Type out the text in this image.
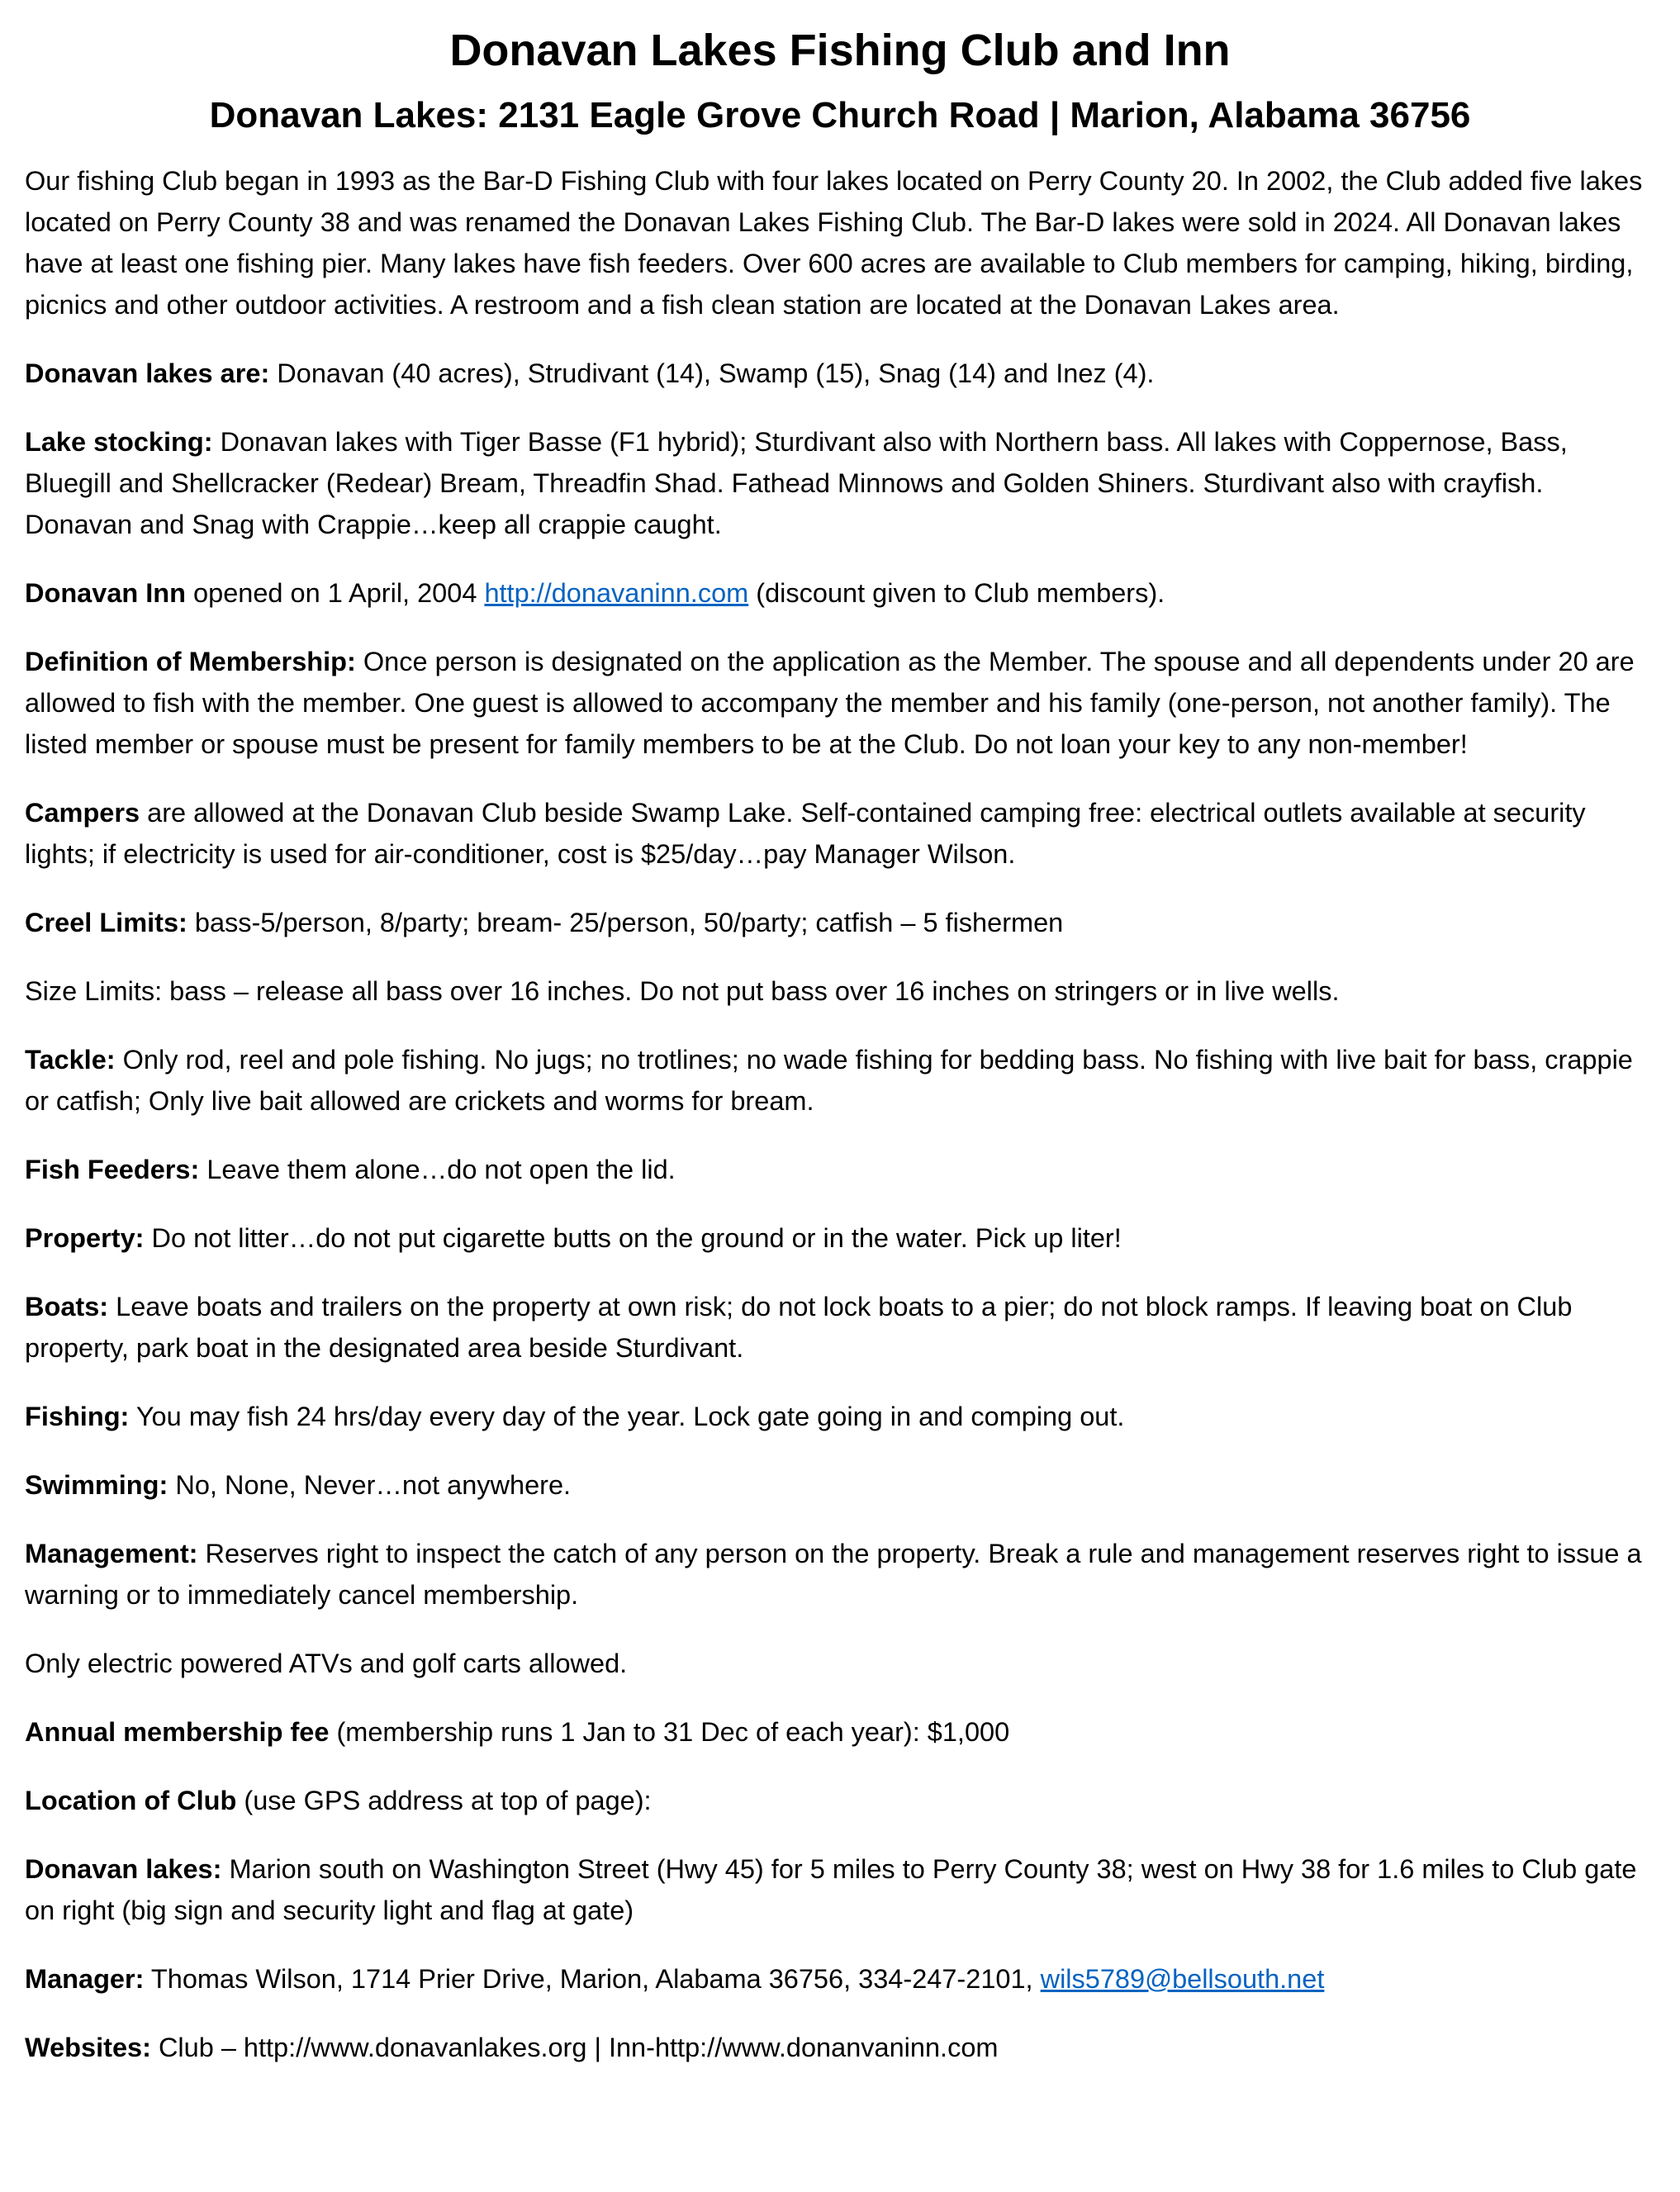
Donavan Lakes Fishing Club and Inn
Donavan Lakes: 2131 Eagle Grove Church Road | Marion, Alabama 36756

Our fishing Club began in 1993 as the Bar-D Fishing Club with four lakes located on Perry County 20. In 2002, the Club added five lakes located on Perry County 38 and was renamed the Donavan Lakes Fishing Club. The Bar-D lakes were sold in 2024. All Donavan lakes have at least one fishing pier. Many lakes have fish feeders. Over 600 acres are available to Club members for camping, hiking, birding, picnics and other outdoor activities. A restroom and a fish clean station are located at the Donavan Lakes area.

Donavan lakes are: Donavan (40 acres), Strudivant (14), Swamp (15), Snag (14) and Inez (4).

Lake stocking: Donavan lakes with Tiger Basse (F1 hybrid); Sturdivant also with Northern bass. All lakes with Coppernose, Bass, Bluegill and Shellcracker (Redear) Bream, Threadfin Shad. Fathead Minnows and Golden Shiners. Sturdivant also with crayfish. Donavan and Snag with Crappie…keep all crappie caught.

Donavan Inn opened on 1 April, 2004 http://donavaninn.com (discount given to Club members).

Definition of Membership: Once person is designated on the application as the Member. The spouse and all dependents under 20 are allowed to fish with the member. One guest is allowed to accompany the member and his family (one-person, not another family). The listed member or spouse must be present for family members to be at the Club. Do not loan your key to any non-member!

Campers are allowed at the Donavan Club beside Swamp Lake. Self-contained camping free: electrical outlets available at security lights; if electricity is used for air-conditioner, cost is $25/day…pay Manager Wilson.

Creel Limits: bass-5/person, 8/party; bream- 25/person, 50/party; catfish – 5 fishermen

Size Limits: bass – release all bass over 16 inches. Do not put bass over 16 inches on stringers or in live wells.

Tackle: Only rod, reel and pole fishing. No jugs; no trotlines; no wade fishing for bedding bass. No fishing with live bait for bass, crappie or catfish; Only live bait allowed are crickets and worms for bream.

Fish Feeders: Leave them alone…do not open the lid.

Property: Do not litter…do not put cigarette butts on the ground or in the water. Pick up liter!

Boats: Leave boats and trailers on the property at own risk; do not lock boats to a pier; do not block ramps. If leaving boat on Club property, park boat in the designated area beside Sturdivant.

Fishing: You may fish 24 hrs/day every day of the year. Lock gate going in and comping out.

Swimming: No, None, Never…not anywhere.

Management: Reserves right to inspect the catch of any person on the property. Break a rule and management reserves right to issue a warning or to immediately cancel membership.

Only electric powered ATVs and golf carts allowed.

Annual membership fee (membership runs 1 Jan to 31 Dec of each year): $1,000

Location of Club (use GPS address at top of page):

Donavan lakes: Marion south on Washington Street (Hwy 45) for 5 miles to Perry County 38; west on Hwy 38 for 1.6 miles to Club gate on right (big sign and security light and flag at gate)

Manager: Thomas Wilson, 1714 Prier Drive, Marion, Alabama 36756, 334-247-2101, wils5789@bellsouth.net

Websites: Club – http://www.donavanlakes.org | Inn-http://www.donanvaninn.com
